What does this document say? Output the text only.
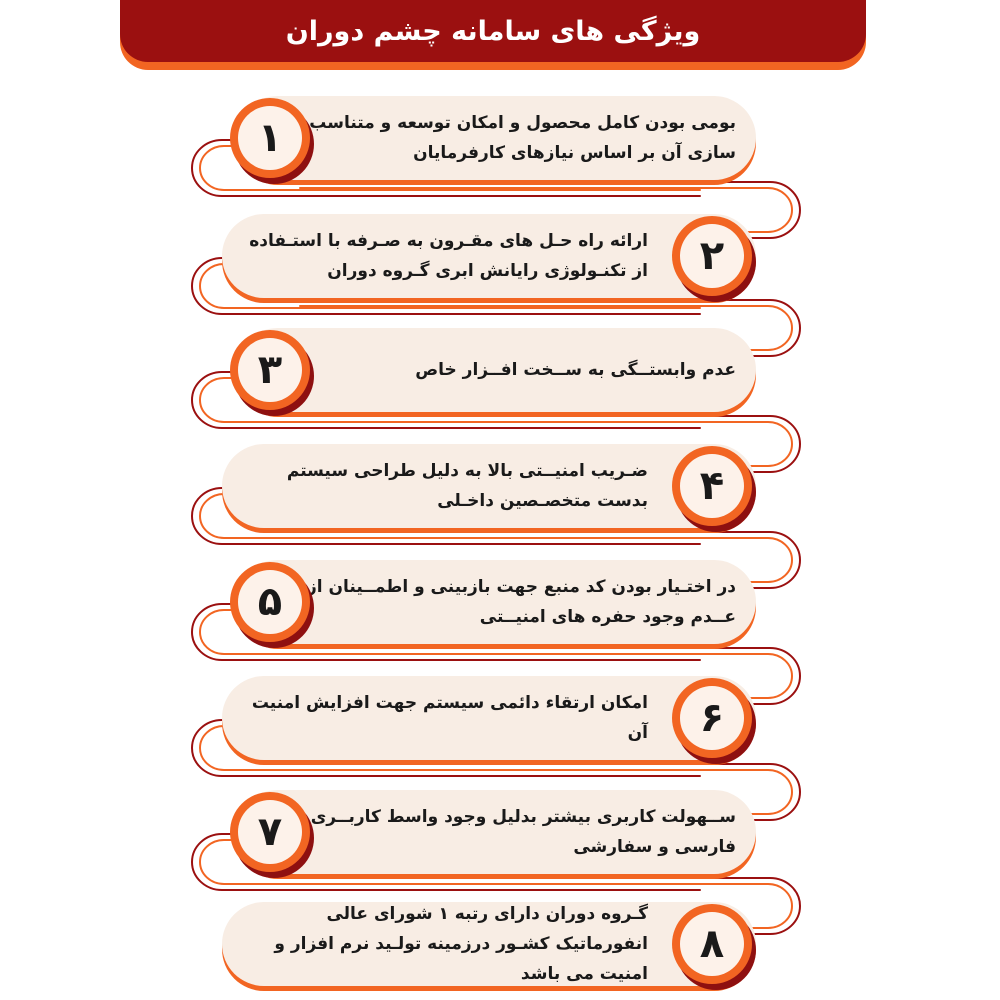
ویژگی های سامانه چشم دوران
بومی بودن کامل محصول و امکان توسعه و متناسب سازی آن بر اساس نیازهای کارفرمایان
۱
ارائه راه حـل های مقـرون به صـرفه با استـفاده از تکنـولوژی رایانش ابری گـروه دوران ۲
عدم وابستــگی به ســخت افــزار خاص
۳
ضـریب امنیــتی بالا به دلیل طراحی سیستم بدست متخصـصین داخـلی ۴
در اختـیار بودن کد منبع جهت بازبینی و اطمــینان از عــدم وجود حفره های امنیــتی
۵
امکان ارتقاء دائمی سیستم جهت افزایش امنیت آن ۶
ســهولت کاربری بیشتر بدلیل وجود واسط کاربــری فارسی و سفارشی
۷
گـروه دوران دارای رتبه ۱ شورای عالی انفورماتیک کشـور درزمینه تولـید نرم افزار و امنیت می باشد
۸
